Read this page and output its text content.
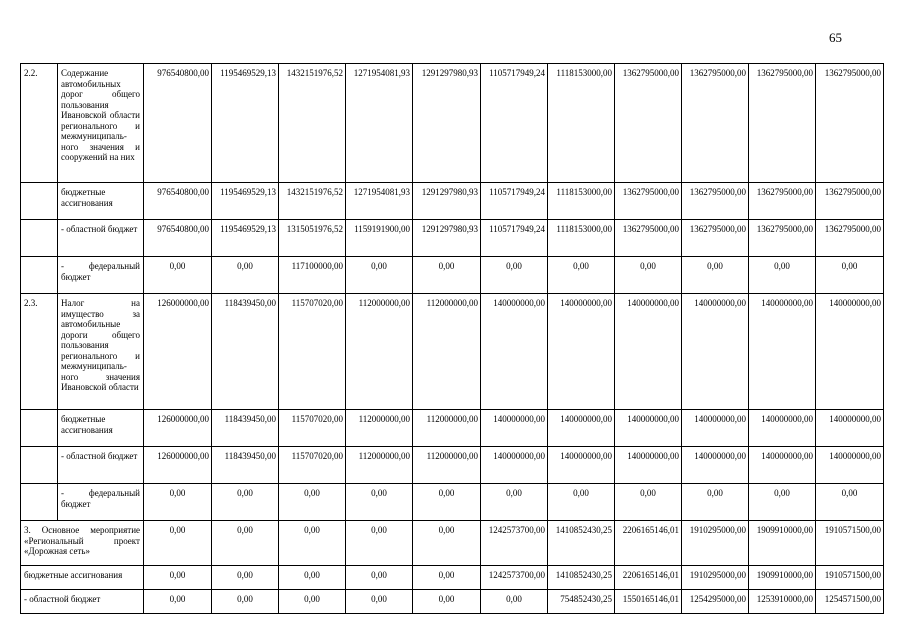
65
2.2.	Содержание автомобильных дорог общего пользования Ивановской области регионального и межмуниципального значения и сооружений на них	976540800,00	1195469529,13	1432151976,52	1271954081,93	1291297980,93	1105717949,24	1118153000,00	1362795000,00	1362795000,00	1362795000,00	1362795000,00
	бюджетные ассигнования	976540800,00	1195469529,13	1432151976,52	1271954081,93	1291297980,93	1105717949,24	1118153000,00	1362795000,00	1362795000,00	1362795000,00	1362795000,00
	- областной бюджет	976540800,00	1195469529,13	1315051976,52	1159191900,00	1291297980,93	1105717949,24	1118153000,00	1362795000,00	1362795000,00	1362795000,00	1362795000,00
	- федеральный бюджет	0,00	0,00	117100000,00	0,00	0,00	0,00	0,00	0,00	0,00	0,00	0,00
2.3.	Налог на имущество за автомобильные дороги общего пользования регионального и межмуниципального значения Ивановской области	126000000,00	118439450,00	115707020,00	112000000,00	112000000,00	140000000,00	140000000,00	140000000,00	140000000,00	140000000,00	140000000,00
	бюджетные ассигнования	126000000,00	118439450,00	115707020,00	112000000,00	112000000,00	140000000,00	140000000,00	140000000,00	140000000,00	140000000,00	140000000,00
	- областной бюджет	126000000,00	118439450,00	115707020,00	112000000,00	112000000,00	140000000,00	140000000,00	140000000,00	140000000,00	140000000,00	140000000,00
	- федеральный бюджет	0,00	0,00	0,00	0,00	0,00	0,00	0,00	0,00	0,00	0,00	0,00
3. Основное мероприятие «Региональный проект «Дорожная сеть»		0,00	0,00	0,00	0,00	0,00	1242573700,00	1410852430,25	2206165146,01	1910295000,00	1909910000,00	1910571500,00
бюджетные ассигнования		0,00	0,00	0,00	0,00	0,00	1242573700,00	1410852430,25	2206165146,01	1910295000,00	1909910000,00	1910571500,00
- областной бюджет		0,00	0,00	0,00	0,00	0,00	0,00	754852430,25	1550165146,01	1254295000,00	1253910000,00	1254571500,00
